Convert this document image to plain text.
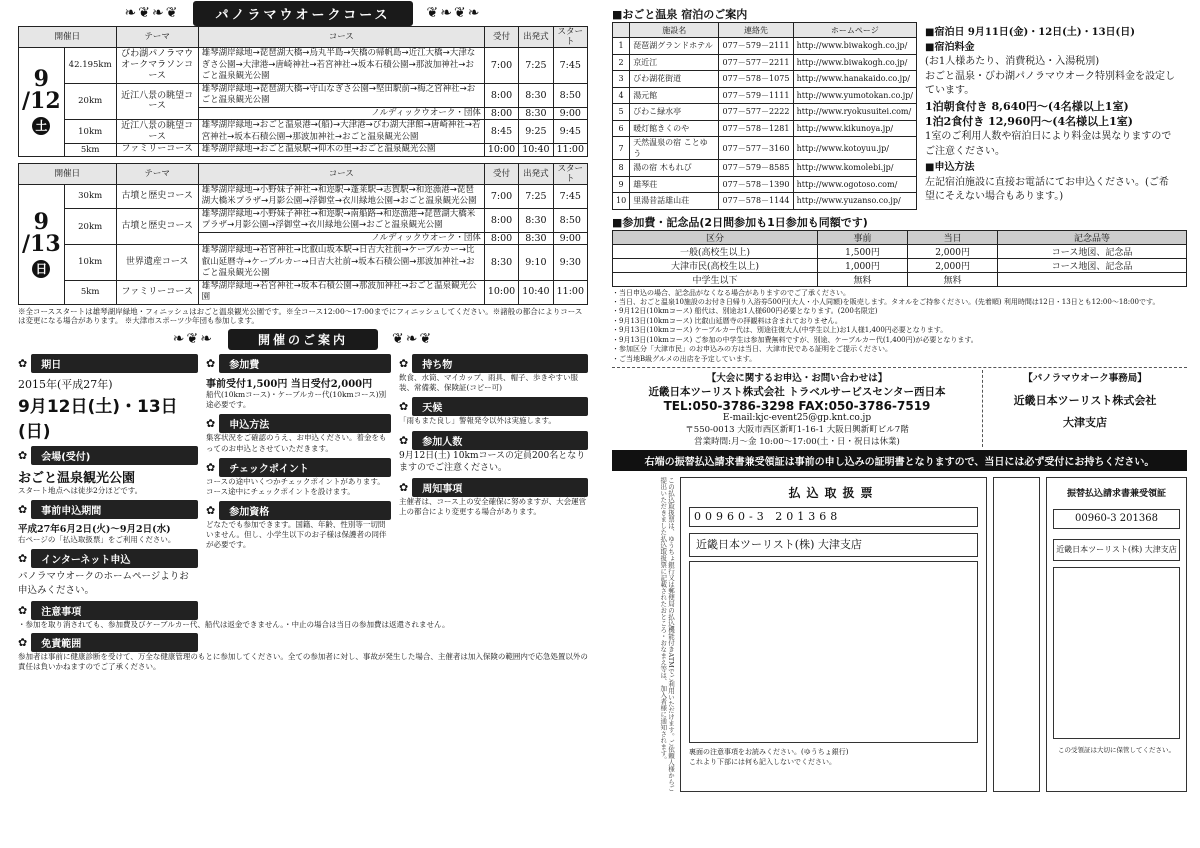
❧❦❧❦	パノラマウオークコース	❦❧❦❧
開催日		テーマ	コース	受付	出発式	スタート

9
/12
土	42.195km	びわ湖パノラマウオークマラソンコース	雄琴湖岸緑地→琵琶湖大橋→烏丸半島→矢橋の帰帆島→近江大橋→大津なぎさ公園→大津港→唐崎神社→若宮神社→坂本石積公園→那波加神社→おごと温泉観光公園	7:00	7:25	7:45
	20km	近江八景の眺望コース	雄琴湖岸緑地→琵琶湖大橋→守山なぎさ公園→堅田駅前→梅之宮神社→おごと温泉観光公園	8:00	8:30	8:50
			ノルディックウオーク・団体	8:00	8:30	9:00
	10km	近江八景の眺望コース	雄琴湖岸緑地→おごと温泉港→(船)→大津港→びわ湖大津館→唐崎神社→若宮神社→坂本石積公園→那波加神社→おごと温泉観光公園	8:45	9:25	9:45
	5km	ファミリーコース	雄琴湖岸緑地→おごと温泉駅→仰木の里→おごと温泉観光公園	10:00	10:40	11:00
開催日		テーマ	コース	受付	出発式	スタート

9
/13
日	30km	古墳と歴史コース	雄琴湖岸緑地→小野妹子神社→和迩駅→蓬莱駅→志賀駅→和迩漁港→琵琶湖大橋米プラザ→月影公園→浮御堂→衣川緑地公園→おごと温泉観光公園	7:00	7:25	7:45
	20km	古墳と歴史コース	雄琴湖岸緑地→小野妹子神社→和迩駅→南船路→和迩漁港→琵琶湖大橋米プラザ→月影公園→浮御堂→衣川緑地公園→おごと温泉観光公園	8:00	8:30	8:50
			ノルディックウオーク・団体	8:00	8:30	9:00
	10km	世界遺産コース	雄琴湖岸緑地→若宮神社→比叡山坂本駅→日吉大社前→ケーブルカー→比叡山延暦寺→ケーブルカー→日吉大社前→坂本石積公園→那波加神社→おごと温泉観光公園	8:30	9:10	9:30
	5km	ファミリーコース	雄琴湖岸緑地→若宮神社→坂本石積公園→那波加神社→おごと温泉観光公園	10:00	10:40	11:00
※全コーススタートは雄琴湖岸緑地・フィニッシュはおごと温泉観光公園です。※全コース12:00〜17:00までにフィニッシュしてください。※諸般の都合によりコースは変更になる場合があります。 ※大津市スポーツ少年団も参加します。
❧❦❧	開催のご案内	❦❧❦
✿	期日
2015年(平成27年)
9月12日(土)・13日(日)
✿	会場(受付)
おごと温泉観光公園
スタート地点へは徒歩2分ほどです。
✿	事前申込期間
平成27年6月2日(火)〜9月2日(水)
右ページの「払込取扱票」をご利用ください。
✿	インターネット申込
パノラマウオークのホームページよりお申込みください。
✿	参加費
事前受付1,500円 当日受付2,000円
船代(10kmコース)・ケーブルカー代(10kmコース)別途必要です。
✿	申込方法
集客状況をご確認のうえ、お申込ください。着金をもってのお申込とさせていただきます。
✿	チェックポイント
コースの途中いくつかチェックポイントがあります。コース途中にチェックポイントを設けます。
✿	参加資格
どなたでも参加できます。国籍、年齢、性別等一切問いません。但し、小学生以下のお子様は保護者の同伴が必要です。
✿	持ち物
飲食、水筒、マイカップ、雨具、帽子、歩きやすい服装、常備薬、保険証(コピー可)
✿	天候
「雨もまた良し」警報発令以外は実施します。
✿	参加人数
9月12日(土) 10kmコースの定員200名となりますのでご注意ください。
✿	周知事項
主催者は、コース上の安全確保に努めますが、大会運営上の都合により変更する場合があります。
✿	注意事項
・参加を取り消されても、参加費及びケーブルカー代、船代は返金できません。・中止の場合は当日の参加費は返還されません。
✿	免責範囲
参加者は事前に健康診断を受けて、万全な健康管理のもとに参加してください。全ての参加者に対し、事故が発生した場合、主催者は加入保険の範囲内で応急処置以外の責任は負いかねますのでご了承ください。
■おごと温泉 宿泊のご案内
	施設名	連絡先	ホームページ
1	琵琶湖グランドホテル	077－579－2111	http://www.biwakogh.co.jp/
2	京近江	077－577－2211	http://www.biwakogh.co.jp/
3	びわ湖花街道	077－578－1075	http://www.hanakaido.co.jp/
4	湯元館	077－579－1111	http://www.yumotokan.co.jp/
5	びわこ緑水亭	077－577－2222	http://www.ryokusuitei.com/
6	暖灯館きくのや	077－578－1281	http://www.kikunoya.jp/
7	天然温泉の宿 ことゆう	077－577－3160	http://www.kotoyuu.jp/
8	湯の宿 木もれび	077－579－8585	http://www.komolebi.jp/
9	雄琴荘	077－578－1390	http://www.ogotoso.com/
10	里湯昔話雄山荘	077－578－1144	http://www.yuzanso.co.jp/
■宿泊日 9月11日(金)・12日(土)・13日(日)
■宿泊料金
(お1人様あたり、消費税込・入湯税別)
おごと温泉・びわ湖パノラマウオーク特別料金を設定しています。
1泊朝食付き 8,640円〜(4名様以上1室)
1泊2食付き 12,960円〜(4名様以上1室)
1室のご利用人数や宿泊日により料金は異なりますのでご注意ください。
■申込方法
左記宿泊施設に直接お電話にてお申込ください。(ご希望にそえない場合もあります。)
■参加費・記念品(2日間参加も1日参加も同額です)
区分	事前	当日	記念品等
一般(高校生以上)	1,500円	2,000円	コース地図、記念品
大津市民(高校生以上)	1,000円	2,000円	コース地図、記念品
中学生以下	無料	無料	
・当日申込の場合、記念品がなくなる場合がありますのでご了承ください。
・当日、おごと温泉10施設のお付き日帰り入浴券500円(大人・小人同額)を販売します。タオルをご持参ください。(先着順) 利用時間は12日・13日とも12:00〜18:00です。
・9月12日(10kmコース) 船代は、別途お1人様600円必要となります。(200名限定)
・9月13日(10kmコース) 比叡山延暦寺の拝観料は含まれておりません。
・9月13日(10kmコース) ケーブルカー代は、別途往復大人(中学生以上)お1人様1,400円必要となります。
・9月13日(10kmコース) ご参加の中学生は参加費無料ですが、別途、ケーブルカー代(1,400円)が必要となります。
・参加区分「大津市民」のお申込みの方は当日、大津市民である証明をご提示ください。
・ご当地B級グルメの出店を予定しています。
【大会に関するお申込・お問い合わせは】
近畿日本ツーリスト株式会社 トラベルサービスセンター西日本
TEL:050-3786-3298 FAX:050-3786-7519
E-mail:kjc-event25@gp.knt.co.jp
〒550-0013 大阪市西区新町1-16-1 大阪日興新町ビル7階
営業時間:月〜金 10:00〜17:00(土・日・祝日は休業)
【パノラマウオーク事務局】
近畿日本ツーリスト株式会社
大津支店
右端の振替払込請求書兼受領証は事前の申し込みの証明書となりますので、当日には必ず受付にお持ちください。
この払込取扱票は、ゆうちょ銀行又は郵便局の払込機能付きATMでご利用いただけます。ご依頼人様からご提出いただきました払込取扱票に記載されたおところ・おなまえ等は、加入者様に通知されます。	払込取扱票
00960-3 201368
近畿日本ツーリスト(株) 大津支店
裏面の注意事項をお読みください。(ゆうちょ銀行)
これより下部には何も記入しないでください。
振替払込請求書兼受領証
00960-3 201368
近畿日本ツーリスト(株) 大津支店
この受領証は大切に保管してください。
